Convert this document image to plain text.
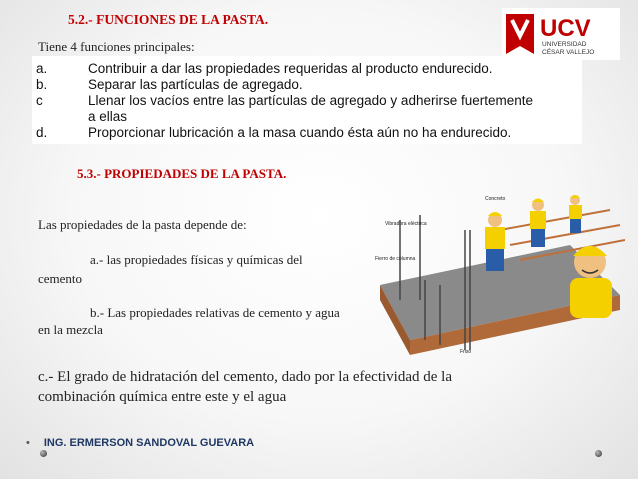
5.2.- FUNCIONES DE LA PASTA.
Tiene 4 funciones principales:
UCV
UNIVERSIDAD
CÉSAR VALLEJO
a.	Contribuir a dar las propiedades requeridas al producto endurecido.
b.	Separar las partículas de agregado.
c	Llenar los vacíos entre las partículas de agregado y adherirse fuertemente
a ellas
d.	Proporcionar lubricación a la masa cuando ésta aún no ha endurecido.
5.3.- PROPIEDADES DE LA PASTA.
Las propiedades de la pasta depende de:
a.- las propiedades físicas y químicas del
cemento
b.- Las propiedades relativas de cemento y agua
en la mezcla
c.- El grado de hidratación del cemento, dado por la efectividad de la
combinación química entre este y el agua
Vibradora eléctrica
Concreto
Fierro de columna
Friso
• ING. ERMERSON SANDOVAL GUEVARA
